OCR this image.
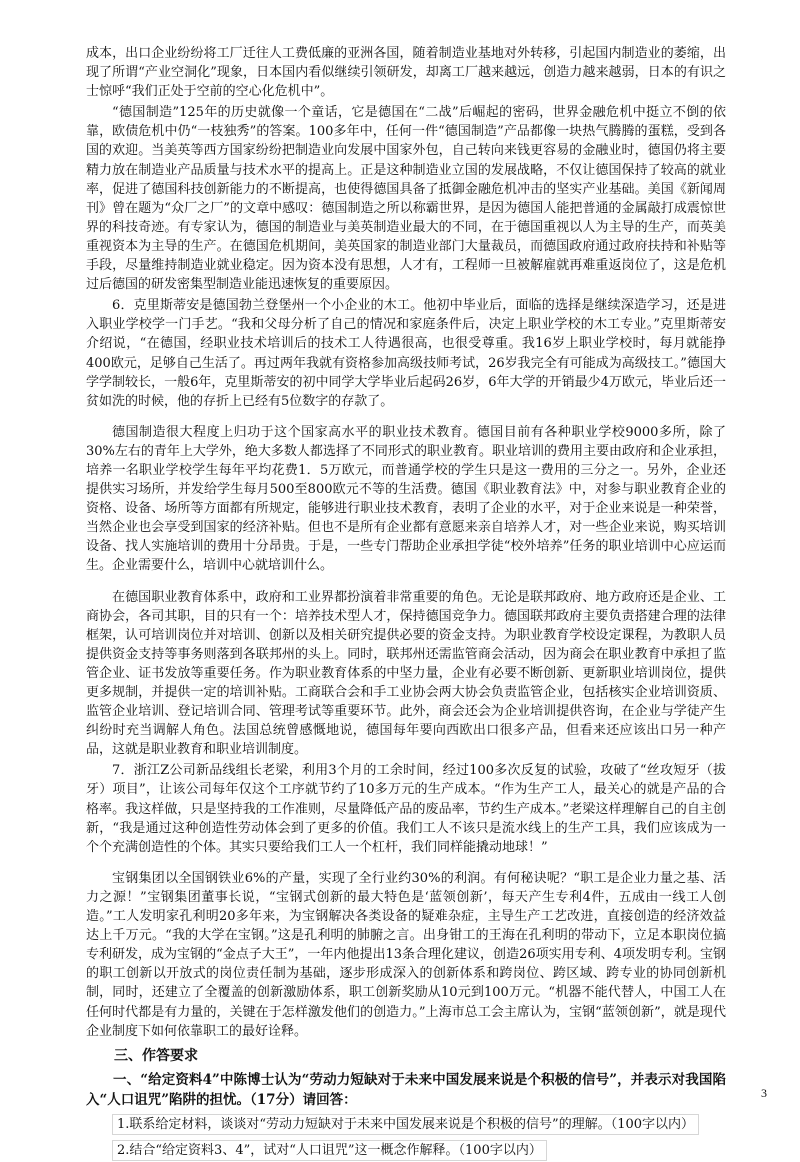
成本，出口企业纷纷将工厂迁往人工费低廉的亚洲各国，随着制造业基地对外转移，引起国内制造业的萎缩，出现了所谓“产业空洞化”现象，日本国内看似继续引领研发，却离工厂越来越远，创造力越来越弱，日本的有识之士惊呼“我们正处于空前的空心化危机中”。

“德国制造”125年的历史就像一个童话，它是德国在“二战”后崛起的密码，世界金融危机中挺立不倒的依靠，欧债危机中仍“一枝独秀”的答案。100多年中，任何一件“德国制造”产品都像一块热气腾腾的蛋糕，受到各国的欢迎。当美英等西方国家纷纷把制造业向发展中国家外包，自己转向来钱更容易的金融业时，德国仍将主要精力放在制造业产品质量与技术水平的提高上。正是这种制造业立国的发展战略，不仅让德国保持了较高的就业率，促进了德国科技创新能力的不断提高，也使得德国具备了抵御金融危机冲击的坚实产业基础。美国《新闻周刊》曾在题为“众厂之厂”的文章中感叹：德国制造之所以称霸世界，是因为德国人能把普通的金属敲打成震惊世界的科技奇迹。有专家认为，德国的制造业与美英制造业最大的不同，在于德国重视以人为主导的生产，而英美重视资本为主导的生产。在德国危机期间，美英国家的制造业部门大量裁员，而德国政府通过政府扶持和补贴等手段，尽量维持制造业就业稳定。因为资本没有思想，人才有，工程师一旦被解雇就再难重返岗位了，这是危机过后德国的研发密集型制造业能迅速恢复的重要原因。

6．克里斯蒂安是德国勃兰登堡州一个小企业的木工。他初中毕业后，面临的选择是继续深造学习，还是进入职业学校学一门手艺。“我和父母分析了自己的情况和家庭条件后，决定上职业学校的木工专业。”克里斯蒂安介绍说，“在德国，经职业技术培训后的技术工人待遇很高，也很受尊重。我16岁上职业学校时，每月就能挣400欧元，足够自己生活了。再过两年我就有资格参加高级技师考试，26岁我完全有可能成为高级技工。”德国大学学制较长，一般6年，克里斯蒂安的初中同学大学毕业后起码26岁，6年大学的开销最少4万欧元，毕业后还一贫如洗的时候，他的存折上已经有5位数字的存款了。

德国制造很大程度上归功于这个国家高水平的职业技术教育。德国目前有各种职业学校9000多所，除了30%左右的青年上大学外，绝大多数人都选择了不同形式的职业教育。职业培训的费用主要由政府和企业承担，培养一名职业学校学生每年平均花费1．5万欧元，而普通学校的学生只是这一费用的三分之一。另外，企业还提供实习场所，并发给学生每月500至800欧元不等的生活费。德国《职业教育法》中，对参与职业教育企业的资格、设备、场所等方面都有所规定，能够进行职业技术教育，表明了企业的水平，对于企业来说是一种荣誉，当然企业也会享受到国家的经济补贴。但也不是所有企业都有意愿来亲自培养人才，对一些企业来说，购买培训设备、找人实施培训的费用十分昂贵。于是，一些专门帮助企业承担学徒“校外培养”任务的职业培训中心应运而生。企业需要什么，培训中心就培训什么。

在德国职业教育体系中，政府和工业界都扮演着非常重要的角色。无论是联邦政府、地方政府还是企业、工商协会，各司其职，目的只有一个：培养技术型人才，保持德国竞争力。德国联邦政府主要负责搭建合理的法律框架，认可培训岗位并对培训、创新以及相关研究提供必要的资金支持。为职业教育学校设定课程，为教职人员提供资金支持等事务则落到各联邦州的头上。同时，联邦州还需监管商会活动，因为商会在职业教育中承担了监管企业、证书发放等重要任务。作为职业教育体系的中坚力量，企业有必要不断创新、更新职业培训岗位，提供更多规制，并提供一定的培训补贴。工商联合会和手工业协会两大协会负责监管企业，包括核实企业培训资质、监管企业培训、登记培训合同、管理考试等重要环节。此外，商会还会为企业培训提供咨询，在企业与学徒产生纠纷时充当调解人角色。法国总统曾感慨地说，德国每年要向西欧出口很多产品，但看来还应该出口另一种产品，这就是职业教育和职业培训制度。

7．浙江Z公司新品线组长老梁，利用3个月的工余时间，经过100多次反复的试验，攻破了“丝攻短牙（拔牙）项目”，让该公司每年仅这个工序就节约了10多万元的生产成本。“作为生产工人，最关心的就是产品的合格率。我这样做，只是坚持我的工作准则，尽量降低产品的废品率，节约生产成本。”老梁这样理解自己的自主创新，“我是通过这种创造性劳动体会到了更多的价值。我们工人不该只是流水线上的生产工具，我们应该成为一个个充满创造性的个体。其实只要给我们工人一个杠杆，我们同样能撬动地球！”

宝钢集团以全国钢铁业6%的产量，实现了全行业约30%的利润。有何秘诀呢？“职工是企业力量之基、活力之源！”宝钢集团董事长说，“宝钢式创新的最大特色是‘蓝领创新’，每天产生专利4件，五成由一线工人创造。”工人发明家孔利明20多年来，为宝钢解决各类设备的疑难杂症，主导生产工艺改进，直接创造的经济效益达上千万元。“我的大学在宝钢。”这是孔利明的肺腑之言。出身钳工的王海在孔利明的带动下，立足本职岗位搞专利研发，成为宝钢的“金点子大王”，一年内他提出13条合理化建议，创造26项实用专利、4项发明专利。宝钢的职工创新以开放式的岗位责任制为基础，逐步形成深入的创新体系和跨岗位、跨区域、跨专业的协同创新机制，同时，还建立了全覆盖的创新激励体系，职工创新奖励从10元到100万元。“机器不能代替人，中国工人在任何时代都是有力量的，关键在于怎样激发他们的创造力。”上海市总工会主席认为，宝钢“蓝领创新”，就是现代企业制度下如何依靠职工的最好诠释。

三、作答要求

一、“给定资料4”中陈博士认为“劳动力短缺对于未来中国发展来说是个积极的信号”，并表示对我国陷入“人口诅咒”陷阱的担忧。（17分）请回答：

1.联系给定材料，谈谈对“劳动力短缺对于未来中国发展来说是个积极的信号”的理解。（100字以内）

2.结合“给定资料3、4”，试对“人口诅咒”这一概念作解释。（100字以内）

3
